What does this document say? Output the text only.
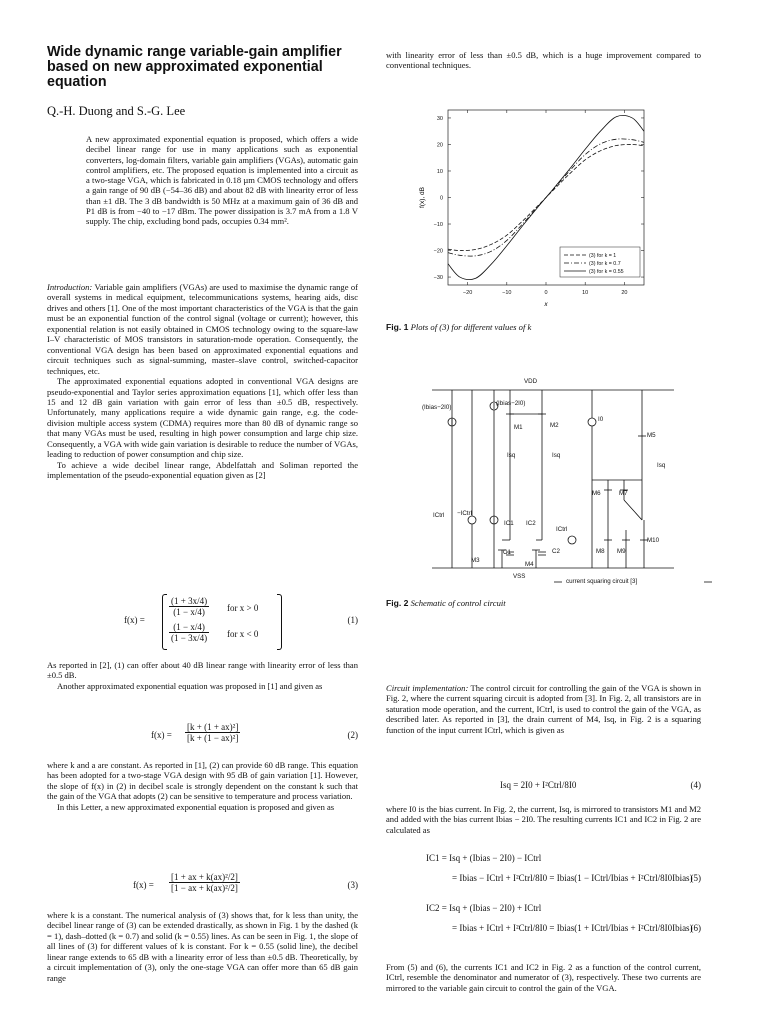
Wide dynamic range variable-gain amplifier based on new approximated exponential equation
Q.-H. Duong and S.-G. Lee
A new approximated exponential equation is proposed, which offers a wide decibel linear range for use in many applications such as exponential converters, log-domain filters, variable gain amplifiers (VGAs), automatic gain control amplifiers, etc. The proposed equation is implemented into a circuit as a two-stage VGA, which is fabricated in 0.18 µm CMOS technology and offers a gain range of 90 dB (−54–36 dB) and about 82 dB with linearity error of less than ±1 dB. The 3 dB bandwidth is 50 MHz at a maximum gain of 36 dB and P1 dB is from −40 to −17 dBm. The power dissipation is 3.7 mA from a 1.8 V supply. The chip, excluding bond pads, occupies 0.34 mm².

Introduction: Variable gain amplifiers (VGAs) are used to maximise the dynamic range of overall systems in medical equipment, telecommunications systems, hearing aids, disc drives and others [1]. One of the most important characteristics of the VGA is that the gain must be an exponential function of the control signal (voltage or current); however, this exponential relation is not easily obtained in CMOS technology owing to the square-law I–V characteristic of MOS transistors in saturation-mode operation. Consequently, the conventional VGA design has been based on approximated exponential equations and circuit techniques such as signal-summing, master–slave control, switched-capacitor techniques, etc.

The approximated exponential equations adopted in conventional VGA designs are pseudo-exponential and Taylor series approximation equations [1], which offer less than 15 and 12 dB gain variation with gain error of less than ±0.5 dB, respectively. Unfortunately, many applications require a wide dynamic gain range, e.g. the code-division multiple access system (CDMA) requires more than 80 dB of dynamic range so that many VGAs must be used, resulting in high power consumption and large chip size. Consequently, a VGA with wide gain variation is desirable to reduce the number of VGAs, leading to reduction of power consumption and chip size.

To achieve a wide decibel linear range, Abdelfattah and Soliman reported the implementation of the pseudo-exponential equation given as [2]

f(x) =
$\frac{(1 + 3x/4)}{(1 - x/4)}$ for x > 0
$\frac{(1 - x/4)}{(1 - 3x/4)}$ for x < 0
(1)

As reported in [2], (1) can offer about 40 dB linear range with linearity error of less than ±0.5 dB.

Another approximated exponential equation was proposed in [1] and given as

$f(x) = \frac{\text{[k + (1 + ax)²]}}{\text{[k + (1 − ax)²]}}$	(2)

where k and a are constant. As reported in [1], (2) can provide 60 dB range. This equation has been adopted for a two-stage VGA design with 95 dB of gain variation [1]. However, the slope of f(x) in (2) in decibel scale is strongly dependent on the constant k such that the gain of the VGA that adopts (2) can be sensitive to temperature and process variation.

In this Letter, a new approximated exponential equation is proposed and given as

$f(x) = \frac{\text{[1 + ax + k(ax)²/2]}}{\text{[1 − ax + k(ax)²/2]}}$	(3)

where k is a constant. The numerical analysis of (3) shows that, for k less than unity, the decibel linear range of (3) can be extended drastically, as shown in Fig. 1 by the dashed (k = 1), dash–dotted (k = 0.7) and solid (k = 0.55) lines. As can be seen in Fig. 1, the slope of all lines of (3) for different values of k is constant. For k = 0.55 (solid line), the decibel linear range extends to 65 dB with a linearity error of less than ±0.5 dB. Theoretically, by a circuit implementation of (3), only the one-stage VGA can offer more than 65 dB gain range

with linearity error of less than ±0.5 dB, which is a huge improvement compared to conventional techniques.
−30
−20
−10
0
10
20
30
−20	−10	0	10	20
(3) for k = 1
(3) for k = 0.7
(3) for k = 0.55
x
f(x), dB
Fig. 1 Plots of (3) for different values of k
VDD
VSS
(Ibias−2I0)
(Ibias−2I0)
I0
M1	M2
M5
Isq	Isq
Isq
M6	M7
ICtrl −ICtrl
ICtrl
IC1 IC2
C1	C2
M3
M4
M8 M9
M10
current squaring circuit [3]
Fig. 2 Schematic of control circuit

Circuit implementation: The control circuit for controlling the gain of the VGA is shown in Fig. 2, where the current squaring circuit is adopted from [3]. In Fig. 2, all transistors are in saturation mode operation, and the current, ICtrl, is used to control the gain of the VGA, as described later. As reported in [3], the drain current of M4, Isq, in Fig. 2 is a squaring function of the input current ICtrl, which is given as

Isq = 2I0 + I²Ctrl/8I0	(4)
where I0 is the bias current. In Fig. 2, the current, Isq, is mirrored to transistors M1 and M2 and added with the bias current Ibias − 2I0. The resulting currents IC1 and IC2 in Fig. 2 are calculated as
IC1 = Isq + (Ibias − 2I0) − ICtrl
= Ibias − ICtrl + I²Ctrl/8I0 = Ibias(1 − ICtrl/Ibias + I²Ctrl/8I0Ibias)
(5)
IC2 = Isq + (Ibias − 2I0) + ICtrl
= Ibias + ICtrl + I²Ctrl/8I0 = Ibias(1 + ICtrl/Ibias + I²Ctrl/8I0Ibias)
(6)
From (5) and (6), the currents IC1 and IC2 in Fig. 2 as a function of the control current, ICtrl, resemble the denominator and numerator of (3), respectively. These two currents are mirrored to the variable gain circuit to control the gain of the VGA.
